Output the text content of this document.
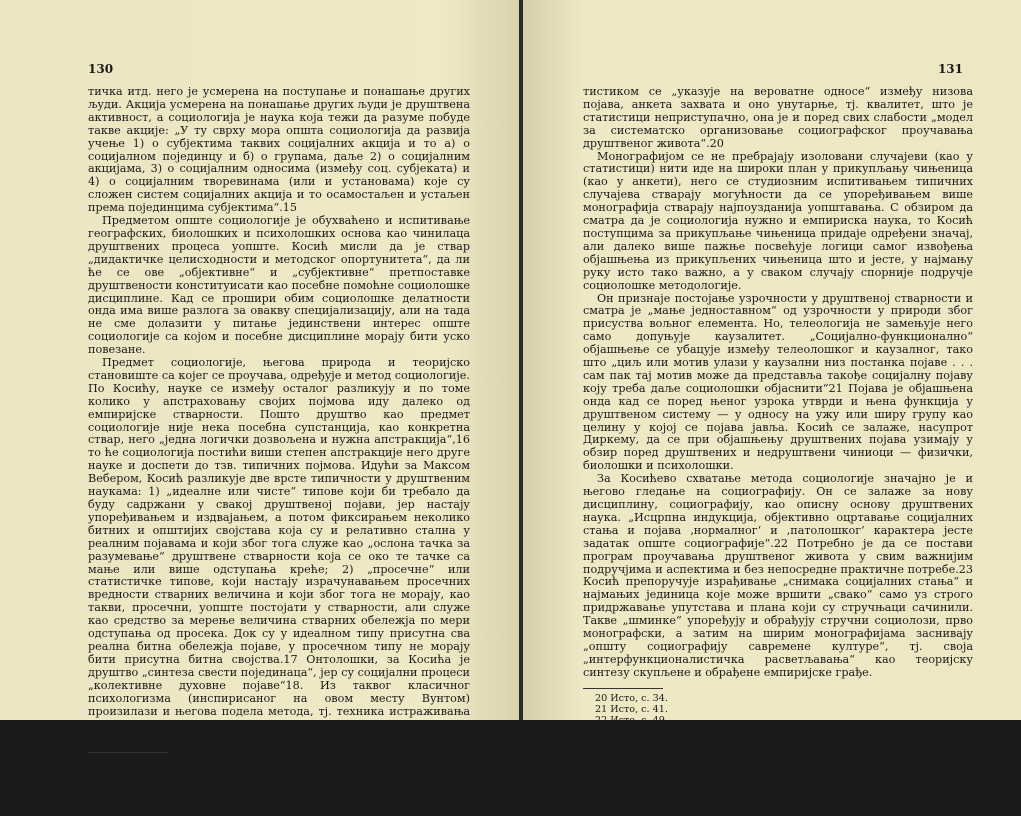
130

тичка итд. него је усмерена на поступање и понашање других људи. Акција усмерена на понашање других људи је друштвена активност, а социологија је наука која тежи да разуме побуде такве акције: „У ту сврху мора општа социологија да развија учење 1) о субјектима таквих социјалних акција и то а) о социјалном појединцу и б) о групама, даље 2) о социјалним акцијама, 3) о социјалним односима (између соц. субјеката) и 4) о социјалним творевинама (или и установама) које су сложен систем социјалних акција и то осамостаљен и устаљен према појединцима субјектима“.15

Предметом опште социологије је обухваћено и испитивање географских, биолошких и психолошких основа као чинилаца друштвених процеса уопште. Косић мисли да је ствар „дидактичке целисходности и методског опортунитета“, да ли ће се ове „објективне“ и „субјективне“ претпоставке друштвености конституисати као посебне помоћне социолошке дисциплине. Кад се прошири обим социолошке делатности онда има више разлога за овакву специјализацију, али на тада не сме долазити у питање јединствени интерес опште социологије са којом и посебне дисциплине морају бити уско повезане.

Предмет социологије, његова природа и теоријско становиште са којег се проучава, одређује и метод социологије. По Косићу, науке се између осталог разликују и по томе колико у апстраховању својих појмова иду далеко од емпиријске стварности. Пошто друштво као предмет социологије није нека посебна супстанција, као конкретна ствар, него „једна логички дозвољена и нужна апстракција“,16 то ће социологија постићи виши степен апстракције него друге науке и доспети до тзв. типичних појмова. Идући за Максом Вебером, Косић разликује две врсте типичности у друштвеним наукама: 1) „идеалне или чисте“ типове који би требало да буду садржани у свакој друштвеној појави, јер настају упоређивањем и издвајањем, а потом фиксирањем неколико битних и општијих својстава која су и релативно стална у реалним појавама и који због тога служе као „ослона тачка за разумевање“ друштвене стварности која се око те тачке са мање или више одступања креће; 2) „просечне“ или статистичке типове, који настају израчунавањем просечних вредности стварних величина и који због тога не морају, као такви, просечни, уопште постојати у стварности, али служе као средство за мерење величина стварних обележја по мери одступања од просека. Док су у идеалном типу присутна сва реална битна обележја појаве, у просечном типу не морају бити присутна битна својства.17 Онтолошки, за Косића је друштво „синтеза свести појединаца“, јер су социјални процеси „колективне духовне појаве“18. Из таквог класичног психологизма (инспирисаног на овом месту Вунтом) произилази и његова подела метода, тј. техника истраживања на унутарње и спољашње поступке „посматрање интроспекцијом“ и „посматрање помоћу резоновања“.19 Ста-

15 Исто, с. 21.

16 М. Косић, Проблеми савремене социологије, с. 21.

17 Исто, с. 29.

18 Исто, с. 23.

19 Исто, с. 33.

131

тистиком се „указује на вероватне односе“ између низова појава, анкета захвата и оно унутарње, тј. квалитет, што је статистици неприступачно, она је и поред свих слабости „модел за систематско организовање социографског проучавања друштвеног живота“.20

Монографијом се не пребрајају изоловани случајеви (као у статистици) нити иде на широки план у прикупљању чињеница (као у анкети), него се студиозним испитивањем типичних случајева стварају могућности да се упоређивањем више монографија стварају најпоузданија уопштавања. С обзиром да сматра да је социологија нужно и емпириска наука, то Косић поступцима за прикупљање чињеница придаје одређени значај, али далеко више пажње посвећује логици самог извођења објашњења из прикупљених чињеница што и јесте, у најмању руку исто тако важно, а у сваком случају спорније подручје социолошке методологије.

Он признаје постојање узрочности у друштвеној стварности и сматра је „мање једноставном“ од узрочности у природи због присуства вољног елемента. Но, телеологија не замењује него само допуњује каузалитет. „Социјално-функционално“ објашњење се убацује између телеолошког и каузалног, тако што „циљ или мотив улази у каузални низ постанка појаве . . . сам пак тај мотив може да представља такође социјалну појаву коју треба даље социолошки објаснити“21 Појава је објашњена онда кад се поред њеног узрока утврди и њена функција у друштвеном систему — у односу на ужу или ширу групу као целину у којој се појава јавља. Косић се залаже, насупрот Диркему, да се при објашњењу друштвених појава узимају у обзир поред друштвених и недруштвени чиниоци — физички, биолошки и психолошки.

За Косићево схватање метода социологије значајно је и његово гледање на социографију. Он се залаже за нову дисциплину, социографију, као описну основу друштвених наука. „Исцрпна индукција, објективно оцртавање социјалних стања и појава ‚нормалног‘ и ‚патолошког‘ карактера јесте задатак опште социографије“.22 Потребно је да се постави програм проучавања друштвеног живота у свим важнијим подручјима и аспектима и без непосредне практичне потребе.23 Косић препоручује израђивање „снимака социјалних стања“ и најмањих јединица које може вршити „свако“ само уз строго придржавање упутстава и плана који су стручњаци сачинили. Такве „шминке“ упоређују и обрађују стручни социолози, прво монографски, а затим на ширим монографијама засниваjу „општу социографију савремене културе“, тј. своја „интерфункционалистичка расветљавања“ као теоријску синтезу скупљене и обрађене емпиријске грађе.

20 Исто, с. 34.

21 Исто, с. 41.

22 Исто, с. 49.

23 Тако је и сам сачинио Социографска упутства за испитивање села, изд. Матице српске, Нови Сад, 1921, врло исцрпно набрајајћи шта све од података интересује писца једне монографије села, почев од имена села, његове привреде, домаћинства и породичног живота, преко зрављa и морала, преступа и злочина, просвете и уметности, до унутрашње солидарности села према другим скупинама, односа села према црквеним и државним властима, затим проблем миграција, аграрни и други горући проблеми, последице рата и др.
